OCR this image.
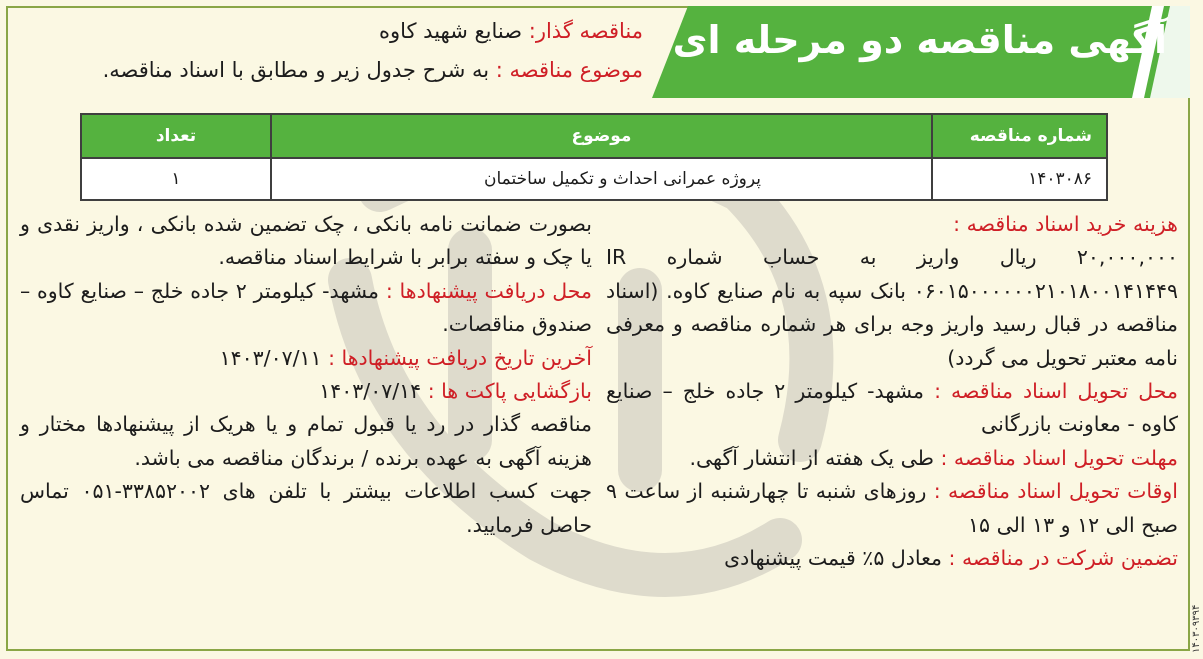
آگهی مناقصه دو مرحله ای
مناقصه گذار: صنایع شهید کاوه
موضوع مناقصه : به شرح جدول زیر و مطابق با اسناد مناقصه.
شماره مناقصه	موضوع	تعداد
۱۴۰۳۰۸۶	پروژه عمرانی احداث و تکمیل ساختمان	۱

هزینه خرید اسناد مناقصه :
۲۰,۰۰۰,۰۰۰ ریال واریز به حساب شماره IR ۰۶۰۱۵۰۰۰۰۰۰۲۱۰۱۸۰۰۱۴۱۴۴۹ بانک سپه به نام صنایع کاوه. (اسناد مناقصه در قبال رسید واریز وجه برای هر شماره مناقصه و معرفی نامه معتبر تحویل می گردد)

محل تحویل اسناد مناقصه : مشهد- کیلومتر ۲ جاده خلج – صنایع کاوه - معاونت بازرگانی

مهلت تحویل اسناد مناقصه : طی یک هفته از انتشار آگهی.

اوقات تحویل اسناد مناقصه : روزهای شنبه تا چهارشنبه از ساعت ۹ صبح الی ۱۲ و ۱۳ الی ۱۵

تضمین شرکت در مناقصه : معادل ۵٪ قیمت پیشنهادی

بصورت ضمانت نامه بانکی ، چک تضمین شده بانکی ، واریز نقدی و یا چک و سفته برابر با شرایط اسناد مناقصه.

محل دریافت پیشنهادها : مشهد- کیلومتر ۲ جاده خلج – صنایع کاوه – صندوق مناقصات.

آخرین تاریخ دریافت پیشنهادها : ۱۴۰۳/۰۷/۱۱

بازگشایی پاکت ها : ۱۴۰۳/۰۷/۱۴

مناقصه گذار در رد یا قبول تمام و یا هریک از پیشنهادها مختار و هزینه آگهی به عهده برنده / برندگان مناقصه می باشد.

جهت کسب اطلاعات بیشتر با تلفن های ۳۳۸۵۲۰۰۲-۰۵۱ تماس حاصل فرمایید.

۱۴۰۳۰۹۳۹۴
